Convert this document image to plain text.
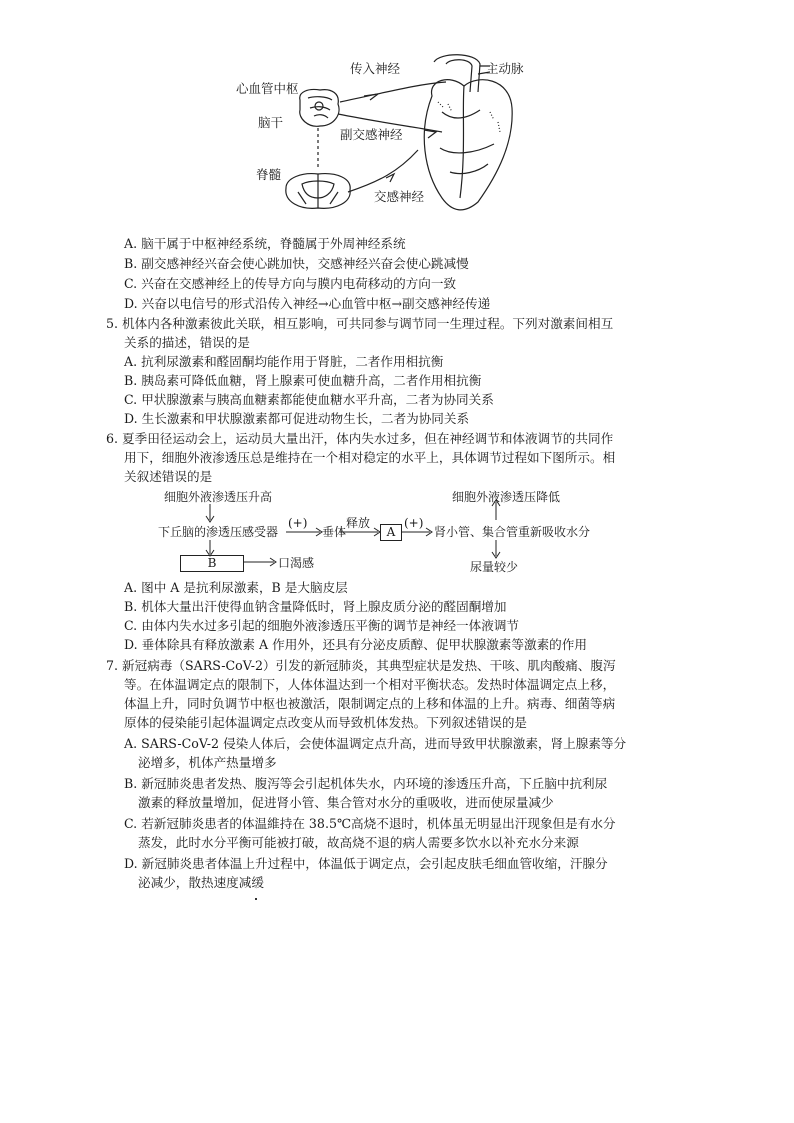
传入神经	主动脉
心血管中枢
脑干
副交感神经
脊髓
交感神经
A. 脑干属于中枢神经系统，脊髓属于外周神经系统
B. 副交感神经兴奋会使心跳加快，交感神经兴奋会使心跳减慢
C. 兴奋在交感神经上的传导方向与膜内电荷移动的方向一致
D. 兴奋以电信号的形式沿传入神经→心血管中枢→副交感神经传递
5. 机体内各种激素彼此关联，相互影响，可共同参与调节同一生理过程。下列对激素间相互
关系的描述，错误的是
A. 抗利尿激素和醛固酮均能作用于肾脏，二者作用相抗衡
B. 胰岛素可降低血糖，肾上腺素可使血糖升高，二者作用相抗衡
C. 甲状腺激素与胰高血糖素都能使血糖水平升高，二者为协同关系
D. 生长激素和甲状腺激素都可促进动物生长，二者为协同关系
6. 夏季田径运动会上，运动员大量出汗，体内失水过多，但在神经调节和体液调节的共同作
用下，细胞外液渗透压总是维持在一个相对稳定的水平上，具体调节过程如下图所示。相
关叙述错误的是
细胞外液渗透压升高	细胞外液渗透压降低
下丘脑的渗透压感受器
(+)
垂体
释放
A
(+)
肾小管、集合管重新吸收水分
B	口渴感	尿量较少
A. 图中 A 是抗利尿激素，B 是大脑皮层
B. 机体大量出汗使得血钠含量降低时，肾上腺皮质分泌的醛固酮增加
C. 由体内失水过多引起的细胞外液渗透压平衡的调节是神经一体液调节
D. 垂体除具有释放激素 A 作用外，还具有分泌皮质醇、促甲状腺激素等激素的作用
7. 新冠病毒（SARS-CoV-2）引发的新冠肺炎，其典型症状是发热、干咳、肌肉酸痛、腹泻
等。在体温调定点的限制下，人体体温达到一个相对平衡状态。发热时体温调定点上移，
体温上升，同时负调节中枢也被激活，限制调定点的上移和体温的上升。病毒、细菌等病
原体的侵染能引起体温调定点改变从而导致机体发热。下列叙述错误的是
A. SARS-CoV-2 侵染人体后，会使体温调定点升高，进而导致甲状腺激素，肾上腺素等分
泌增多，机体产热量增多
B. 新冠肺炎患者发热、腹泻等会引起机体失水，内环境的渗透压升高，下丘脑中抗利尿
激素的释放量增加，促进肾小管、集合管对水分的重吸收，进而使尿量减少
C. 若新冠肺炎患者的体温維持在 38.5℃高烧不退时，机体虽无明显出汗现象但是有水分
蒸发，此时水分平衡可能被打破，故高烧不退的病人需要多饮水以补充水分来源
D. 新冠肺炎患者体温上升过程中，体温低于调定点，会引起皮肤毛细血管收缩，汗腺分
泌减少，散热速度减缓
